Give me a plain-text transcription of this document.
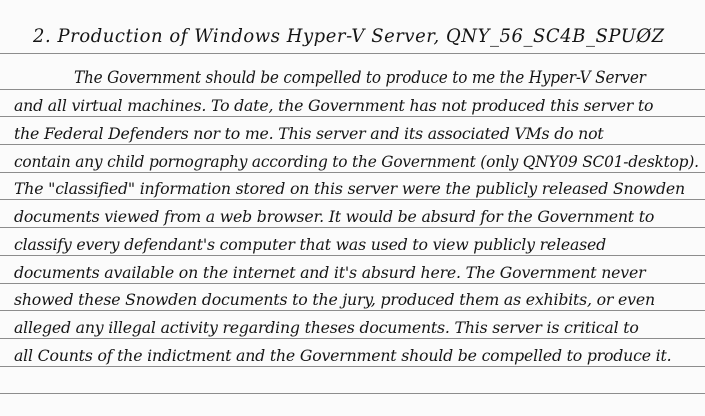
2. Production of Windows Hyper-V Server, QNY_56_SC4B_SPUØZ
The Government should be compelled to produce to me the Hyper-V Server
and all virtual machines. To date, the Government has not produced this server to
the Federal Defenders nor to me. This server and its associated VMs do not
contain any child pornography according to the Government (only QNY09 SC01-desktop).
The "classified" information stored on this server were the publicly released Snowden
documents viewed from a web browser. It would be absurd for the Government to
classify every defendant's computer that was used to view publicly released
documents available on the internet and it's absurd here. The Government never
showed these Snowden documents to the jury, produced them as exhibits, or even
alleged any illegal activity regarding theses documents. This server is critical to
all Counts of the indictment and the Government should be compelled to produce it.
